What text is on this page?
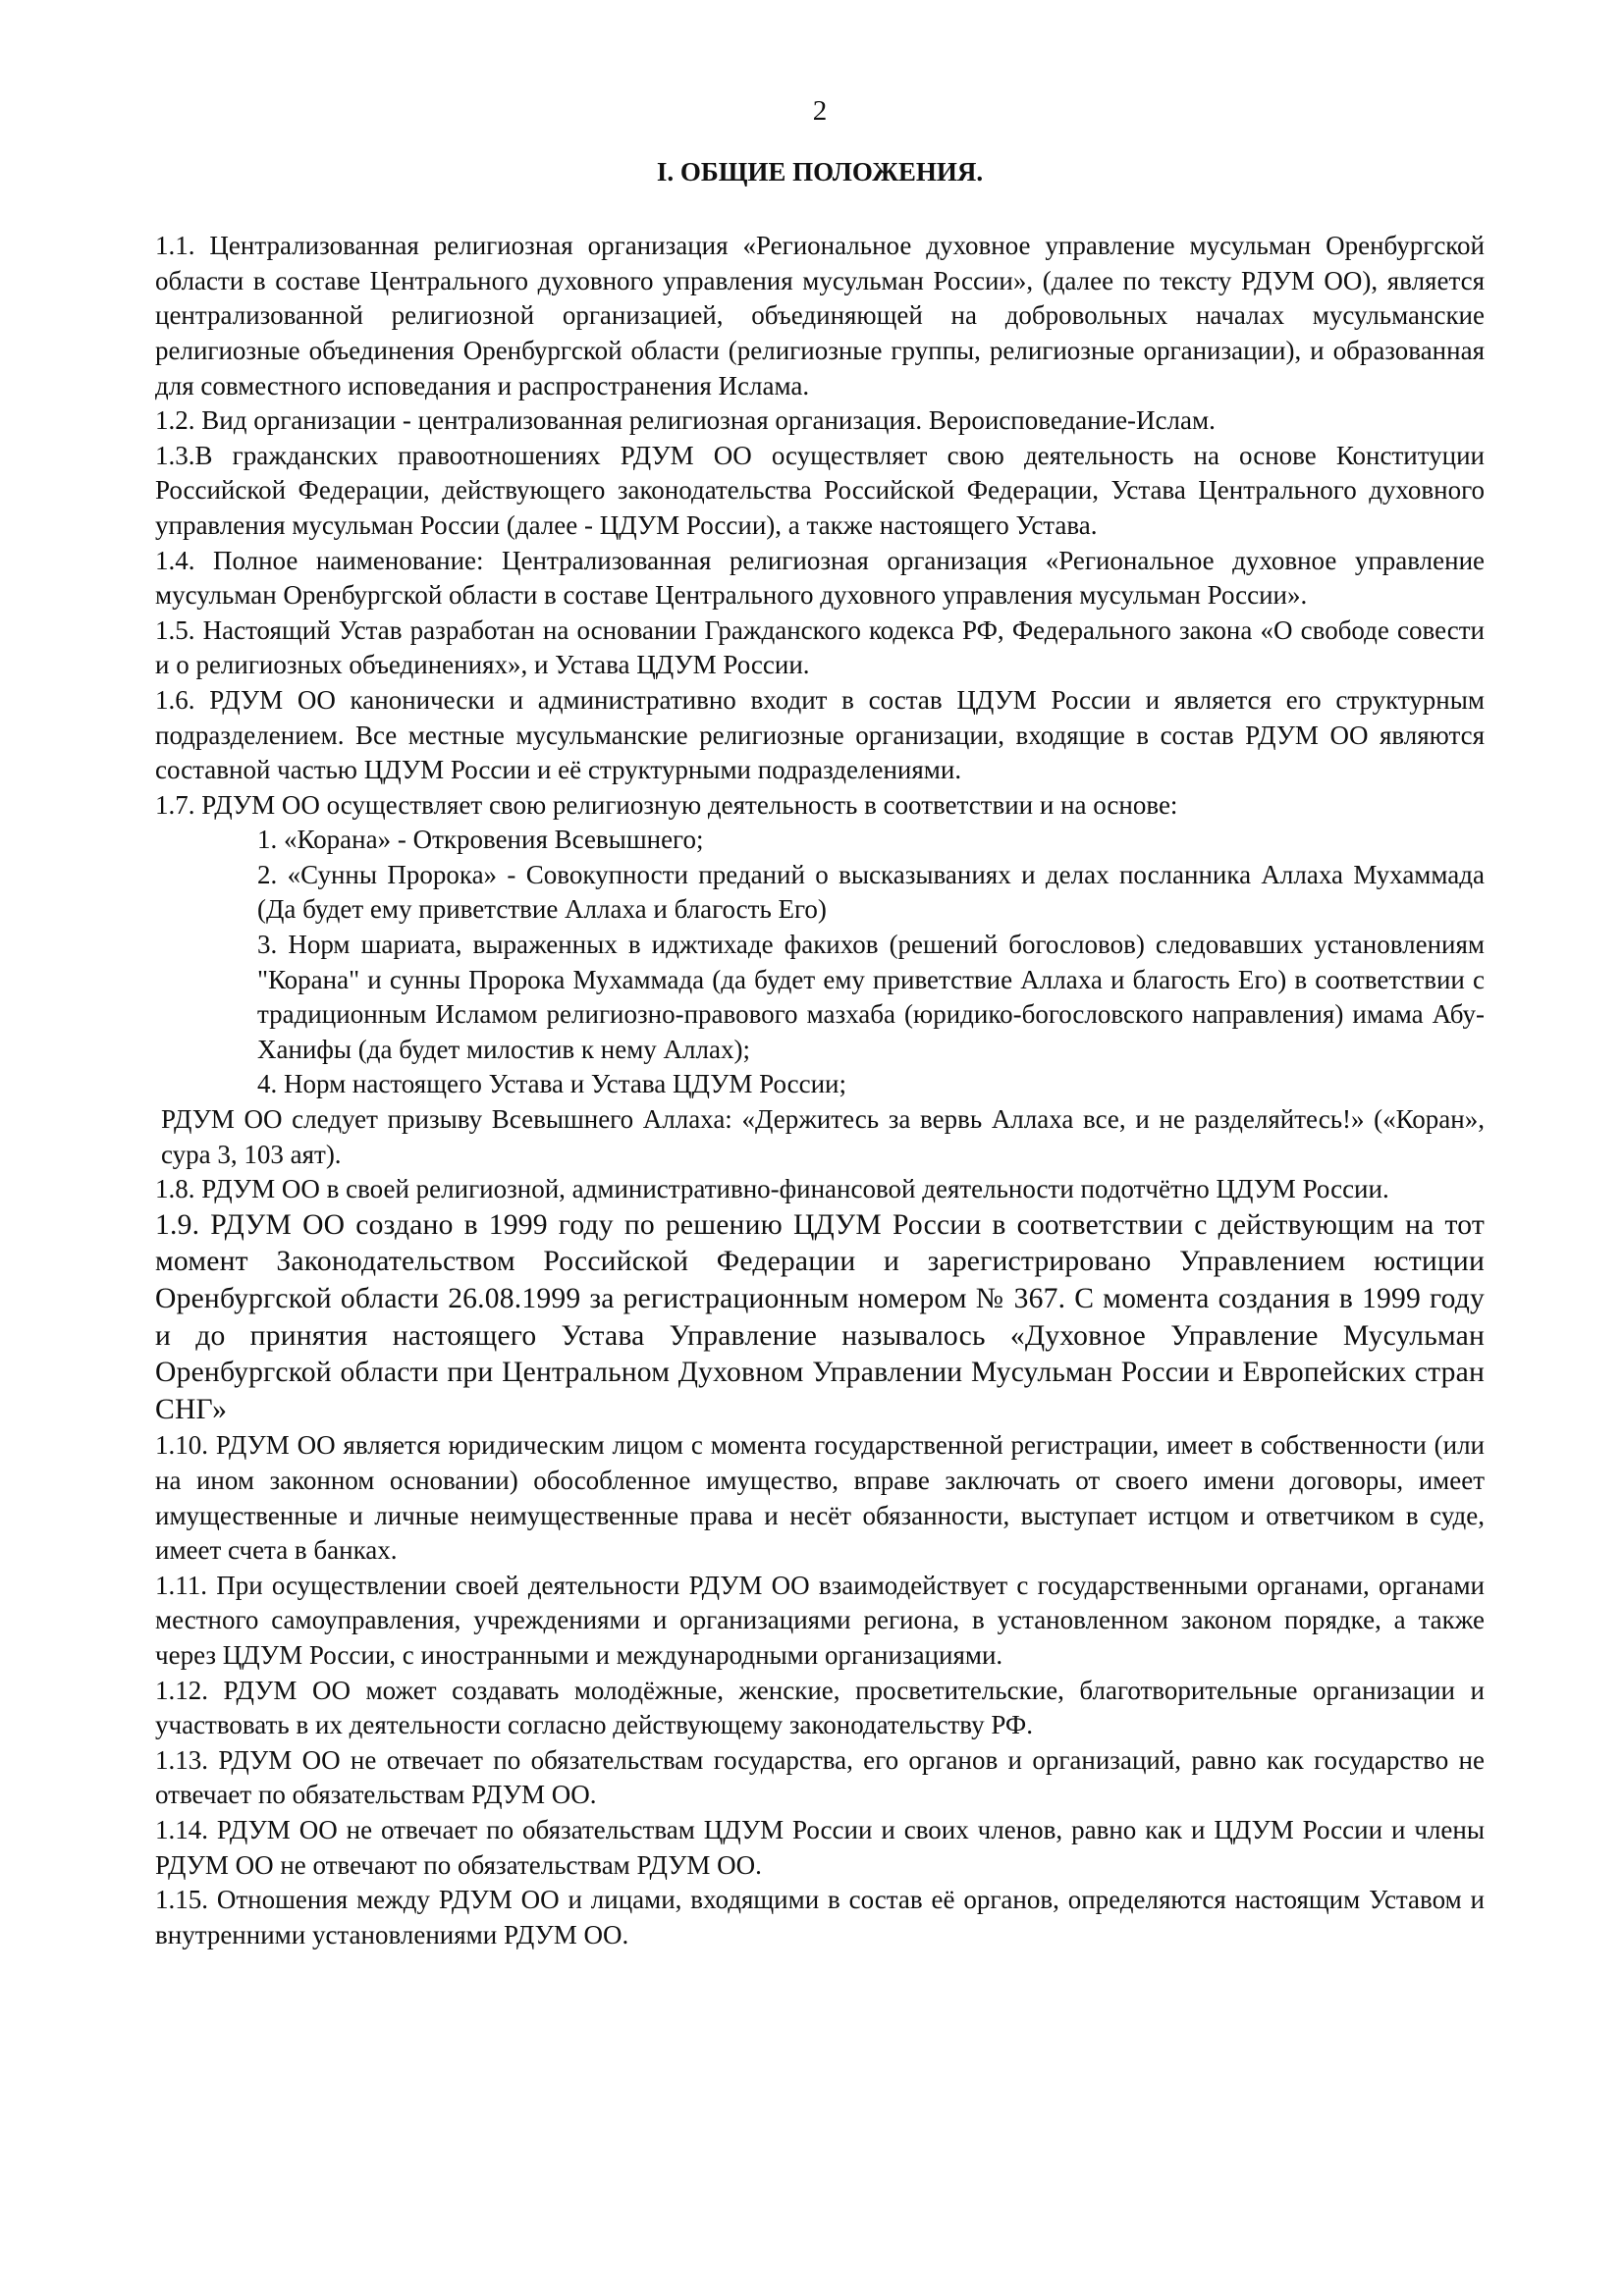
2
I. ОБЩИЕ ПОЛОЖЕНИЯ.

1.1. Централизованная религиозная организация «Региональное духовное управление мусульман Оренбургской области в составе Центрального духовного управления мусульман России», (далее по тексту РДУМ ОО), является централизованной религиозной организацией, объединяющей на добровольных началах мусульманские религиозные объединения Оренбургской области (религиозные группы, религиозные организации), и образованная для совместного исповедания и распространения Ислама.

1.2. Вид организации - централизованная религиозная организация. Вероисповедание-Ислам.

1.3.В гражданских правоотношениях РДУМ ОО осуществляет свою деятельность на основе Конституции Российской Федерации, действующего законодательства Российской Федерации, Устава Центрального духовного управления мусульман России (далее - ЦДУМ России), а также настоящего Устава.

1.4. Полное наименование: Централизованная религиозная организация «Региональное духовное управление мусульман Оренбургской области в составе Центрального духовного управления мусульман России».

1.5. Настоящий Устав разработан на основании Гражданского кодекса РФ, Федерального закона «О свободе совести и о религиозных объединениях», и Устава ЦДУМ России.

1.6. РДУМ ОО канонически и административно входит в состав ЦДУМ России и является его структурным подразделением. Все местные мусульманские религиозные организации, входящие в состав РДУМ ОО являются составной частью ЦДУМ России и её структурными подразделениями.

1.7. РДУМ ОО осуществляет свою религиозную деятельность в соответствии и на основе:

1. «Корана» - Откровения Всевышнего;

2. «Сунны Пророка» - Совокупности преданий о высказываниях и делах посланника Аллаха Мухаммада (Да будет ему приветствие Аллаха и благость Его)

3. Норм шариата, выраженных в иджтихаде факихов (решений богословов) следовавших установлениям "Корана" и сунны Пророка Мухаммада (да будет ему приветствие Аллаха и благость Его) в соответствии с традиционным Исламом религиозно-правового мазхаба (юридико-богословского направления) имама Абу-Ханифы (да будет милостив к нему Аллах);

4. Норм настоящего Устава и Устава ЦДУМ России;

РДУМ ОО следует призыву Всевышнего Аллаха: «Держитесь за вервь Аллаха все, и не разделяйтесь!» («Коран», сура 3, 103 аят).

1.8. РДУМ ОО в своей религиозной, административно-финансовой деятельности подотчётно ЦДУМ России.

1.9. РДУМ ОО создано в 1999 году по решению ЦДУМ России в соответствии с действующим на тот момент Законодательством Российской Федерации и зарегистрировано Управлением юстиции Оренбургской области 26.08.1999 за регистрационным номером № 367. С момента создания в 1999 году и до принятия настоящего Устава Управление называлось «Духовное Управление Мусульман Оренбургской области при Центральном Духовном Управлении Мусульман России и Европейских стран СНГ»

1.10. РДУМ ОО является юридическим лицом с момента государственной регистрации, имеет в собственности (или на ином законном основании) обособленное имущество, вправе заключать от своего имени договоры, имеет имущественные и личные неимущественные права и несёт обязанности, выступает истцом и ответчиком в суде, имеет счета в банках.

1.11. При осуществлении своей деятельности РДУМ ОО взаимодействует с государственными органами, органами местного самоуправления, учреждениями и организациями региона, в установленном законом порядке, а также через ЦДУМ России, с иностранными и международными организациями.

1.12. РДУМ ОО может создавать молодёжные, женские, просветительские, благотворительные организации и участвовать в их деятельности согласно действующему законодательству РФ.

1.13. РДУМ ОО не отвечает по обязательствам государства, его органов и организаций, равно как государство не отвечает по обязательствам РДУМ ОО.

1.14. РДУМ ОО не отвечает по обязательствам ЦДУМ России и своих членов, равно как и ЦДУМ России и члены РДУМ ОО не отвечают по обязательствам РДУМ ОО.

1.15. Отношения между РДУМ ОО и лицами, входящими в состав её органов, определяются настоящим Уставом и внутренними установлениями РДУМ ОО.
